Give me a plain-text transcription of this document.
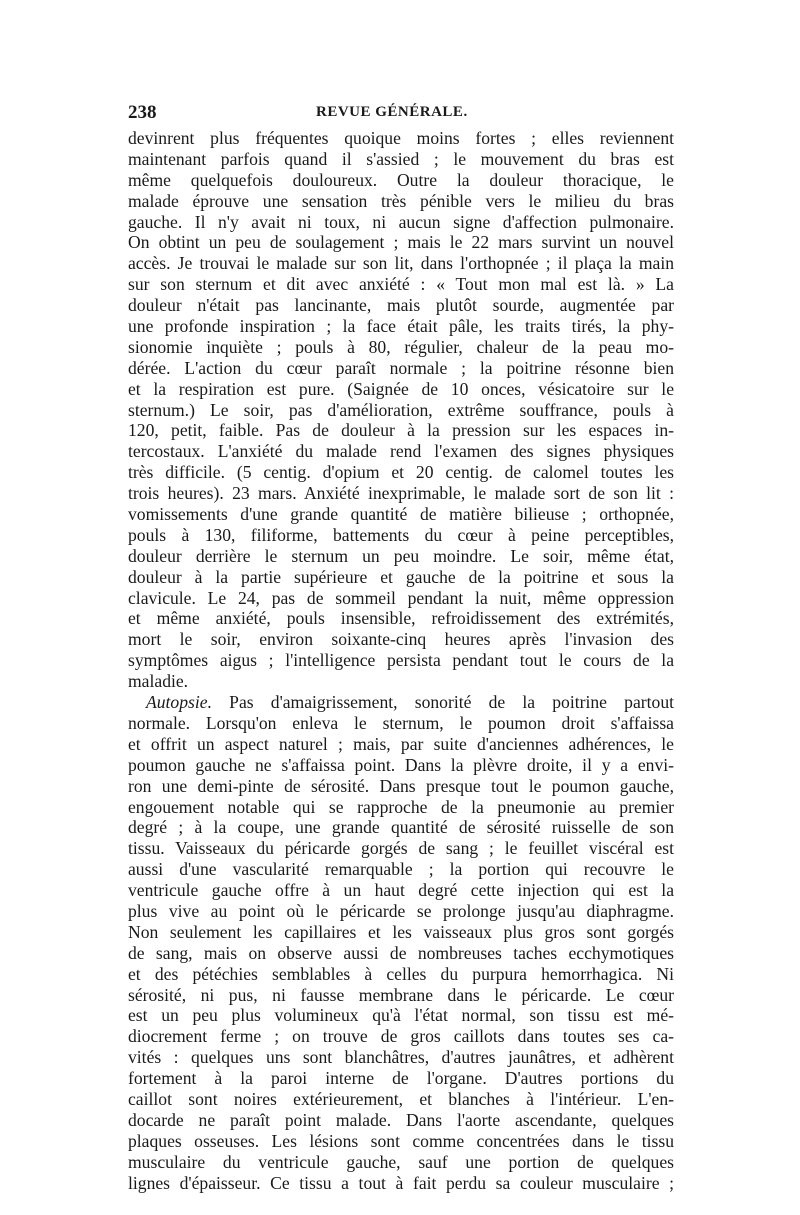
238	REVUE GÉNÉRALE.
devinrent plus fréquentes quoique moins fortes ; elles reviennent
maintenant parfois quand il s'assied ; le mouvement du bras est
même quelquefois douloureux. Outre la douleur thoracique, le
malade éprouve une sensation très pénible vers le milieu du bras
gauche. Il n'y avait ni toux, ni aucun signe d'affection pulmonaire.
On obtint un peu de soulagement ; mais le 22 mars survint un nouvel
accès. Je trouvai le malade sur son lit, dans l'orthopnée ; il plaça la main
sur son sternum et dit avec anxiété : « Tout mon mal est là. » La
douleur n'était pas lancinante, mais plutôt sourde, augmentée par
une profonde inspiration ; la face était pâle, les traits tirés, la phy-
sionomie inquiète ; pouls à 80, régulier, chaleur de la peau mo-
dérée. L'action du cœur paraît normale ; la poitrine résonne bien
et la respiration est pure. (Saignée de 10 onces, vésicatoire sur le
sternum.) Le soir, pas d'amélioration, extrême souffrance, pouls à
120, petit, faible. Pas de douleur à la pression sur les espaces in-
tercostaux. L'anxiété du malade rend l'examen des signes physiques
très difficile. (5 centig. d'opium et 20 centig. de calomel toutes les
trois heures). 23 mars. Anxiété inexprimable, le malade sort de son lit :
vomissements d'une grande quantité de matière bilieuse ; orthopnée,
pouls à 130, filiforme, battements du cœur à peine perceptibles,
douleur derrière le sternum un peu moindre. Le soir, même état,
douleur à la partie supérieure et gauche de la poitrine et sous la
clavicule. Le 24, pas de sommeil pendant la nuit, même oppression
et même anxiété, pouls insensible, refroidissement des extrémités,
mort le soir, environ soixante-cinq heures après l'invasion des
symptômes aigus ; l'intelligence persista pendant tout le cours de la
maladie.
Autopsie. Pas d'amaigrissement, sonorité de la poitrine partout
normale. Lorsqu'on enleva le sternum, le poumon droit s'affaissa
et offrit un aspect naturel ; mais, par suite d'anciennes adhérences, le
poumon gauche ne s'affaissa point. Dans la plèvre droite, il y a envi-
ron une demi-pinte de sérosité. Dans presque tout le poumon gauche,
engouement notable qui se rapproche de la pneumonie au premier
degré ; à la coupe, une grande quantité de sérosité ruisselle de son
tissu. Vaisseaux du péricarde gorgés de sang ; le feuillet viscéral est
aussi d'une vascularité remarquable ; la portion qui recouvre le
ventricule gauche offre à un haut degré cette injection qui est la
plus vive au point où le péricarde se prolonge jusqu'au diaphragme.
Non seulement les capillaires et les vaisseaux plus gros sont gorgés
de sang, mais on observe aussi de nombreuses taches ecchymotiques
et des pétéchies semblables à celles du purpura hemorrhagica. Ni
sérosité, ni pus, ni fausse membrane dans le péricarde. Le cœur
est un peu plus volumineux qu'à l'état normal, son tissu est mé-
diocrement ferme ; on trouve de gros caillots dans toutes ses ca-
vités : quelques uns sont blanchâtres, d'autres jaunâtres, et adhèrent
fortement à la paroi interne de l'organe. D'autres portions du
caillot sont noires extérieurement, et blanches à l'intérieur. L'en-
docarde ne paraît point malade. Dans l'aorte ascendante, quelques
plaques osseuses. Les lésions sont comme concentrées dans le tissu
musculaire du ventricule gauche, sauf une portion de quelques
lignes d'épaisseur. Ce tissu a tout à fait perdu sa couleur musculaire ;
